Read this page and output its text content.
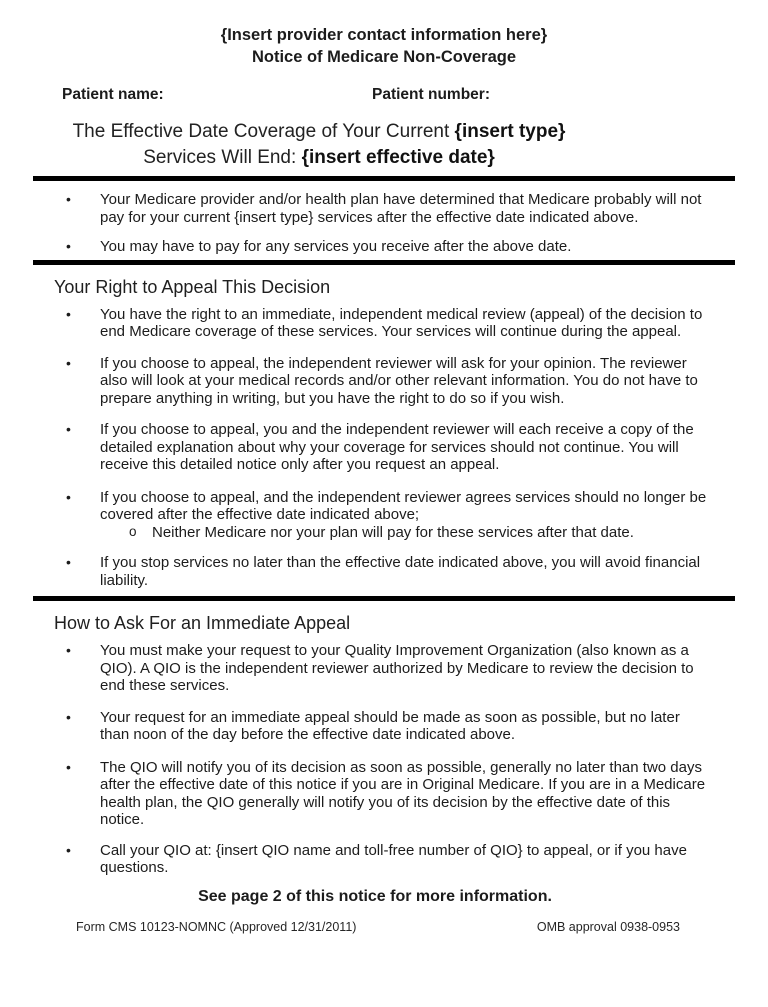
{Insert provider contact information here}
Notice of Medicare Non-Coverage
Patient name:	Patient number:
The Effective Date Coverage of Your Current {insert type}
Services Will End: {insert effective date}
• Your Medicare provider and/or health plan have determined that Medicare probably will not pay for your current {insert type} services after the effective date indicated above.
• You may have to pay for any services you receive after the above date.
Your Right to Appeal This Decision
• You have the right to an immediate, independent medical review (appeal) of the decision to end Medicare coverage of these services. Your services will continue during the appeal.
• If you choose to appeal, the independent reviewer will ask for your opinion. The reviewer also will look at your medical records and/or other relevant information. You do not have to prepare anything in writing, but you have the right to do so if you wish.
• If you choose to appeal, you and the independent reviewer will each receive a copy of the detailed explanation about why your coverage for services should not continue. You will receive this detailed notice only after you request an appeal.
• If you choose to appeal, and the independent reviewer agrees services should no longer be covered after the effective date indicated above;
o Neither Medicare nor your plan will pay for these services after that date.
• If you stop services no later than the effective date indicated above, you will avoid financial liability.
How to Ask For an Immediate Appeal
• You must make your request to your Quality Improvement Organization (also known as a QIO). A QIO is the independent reviewer authorized by Medicare to review the decision to end these services.
• Your request for an immediate appeal should be made as soon as possible, but no later than noon of the day before the effective date indicated above.
• The QIO will notify you of its decision as soon as possible, generally no later than two days after the effective date of this notice if you are in Original Medicare. If you are in a Medicare health plan, the QIO generally will notify you of its decision by the effective date of this notice.
• Call your QIO at: {insert QIO name and toll-free number of QIO} to appeal, or if you have questions.
See page 2 of this notice for more information.
Form CMS 10123-NOMNC (Approved 12/31/2011)	OMB approval 0938-0953
